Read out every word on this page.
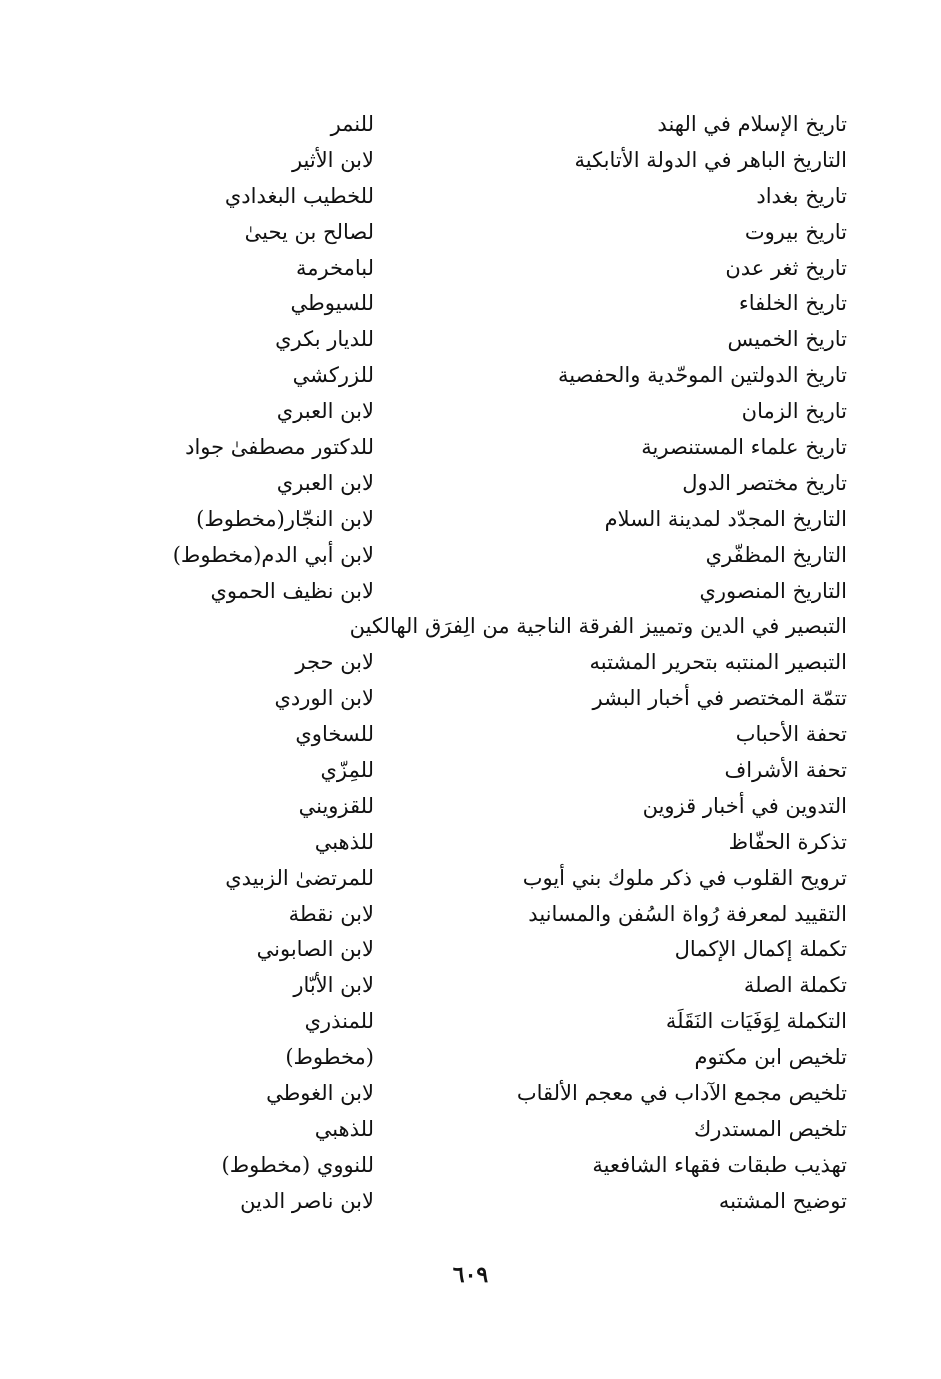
تاريخ الإسلام في الهند
للنمر
التاريخ الباهر في الدولة الأتابكية
لابن الأثير
تاريخ بغداد
للخطيب البغدادي
تاريخ بيروت
لصالح بن يحيىٰ
تاريخ ثغر عدن
لبامخرمة
تاريخ الخلفاء
للسيوطي
تاريخ الخميس
للديار بكري
تاريخ الدولتين الموحّدية والحفصية
للزركشي
تاريخ الزمان
لابن العبري
تاريخ علماء المستنصرية
للدكتور مصطفىٰ جواد
تاريخ مختصر الدول
لابن العبري
التاريخ المجدّد لمدينة السلام
لابن النجّار(مخطوط)
التاريخ المظفّري
لابن أبي الدم(مخطوط)
التاريخ المنصوري
لابن نظيف الحموي
التبصير في الدين وتمييز الفرقة الناجية من الِفرَق الهالكين
التبصير المنتبه بتحرير المشتبه
لابن حجر
تتمّة المختصر في أخبار البشر
لابن الوردي
تحفة الأحباب
للسخاوي
تحفة الأشراف
للمِزّي
التدوين في أخبار قزوين
للقزويني
تذكرة الحفّاظ
للذهبي
ترويح القلوب في ذكر ملوك بني أيوب
للمرتضىٰ الزبيدي
التقييد لمعرفة رُواة السُفن والمسانيد
لابن نقطة
تكملة إكمال الإكمال
لابن الصابوني
تكملة الصلة
لابن الأبّار
التكملة لِوَفَيَات النَقَلَة
للمنذري
تلخيص ابن مكتوم
(مخطوط)
تلخيص مجمع الآداب في معجم الألقاب
لابن الغوطي
تلخيص المستدرك
للذهبي
تهذيب طبقات فقهاء الشافعية
للنووي (مخطوط)
توضيح المشتبه
لابن ناصر الدين
٦٠٩
